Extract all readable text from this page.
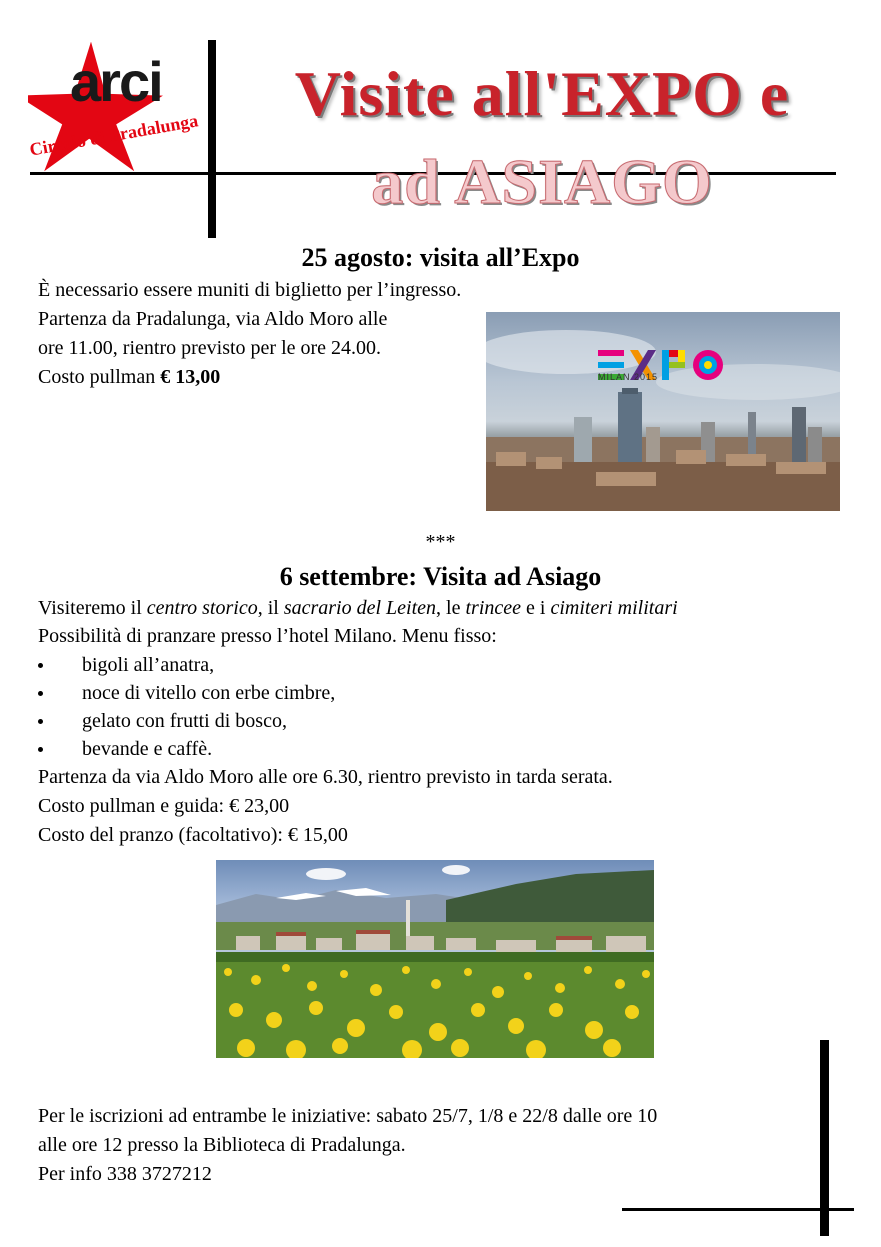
arci
Circolo di Pradalunga
Visite all'EXPO e
ad ASIAGO
25 agosto: visita all’Expo
È necessario essere muniti di biglietto per l’ingresso.
Partenza da Pradalunga, via Aldo Moro alle
ore 11.00, rientro previsto per le ore 24.00.
Costo pullman € 13,00	MILAN 2015
***
6 settembre: Visita ad Asiago
Visiteremo il centro storico, il sacrario del Leiten, le trincee e i cimiteri militari
Possibilità di pranzare presso l’hotel Milano. Menu fisso:
bigoli all’anatra,
noce di vitello con erbe cimbre,
gelato con frutti di bosco,
bevande e caffè.
Partenza da via Aldo Moro alle ore 6.30, rientro previsto in tarda serata.
Costo pullman e guida: € 23,00
Costo del pranzo (facoltativo): € 15,00
Per le iscrizioni ad entrambe le iniziative: sabato 25/7, 1/8 e 22/8 dalle ore 10
alle ore 12 presso la Biblioteca di Pradalunga.
Per info 338 3727212
